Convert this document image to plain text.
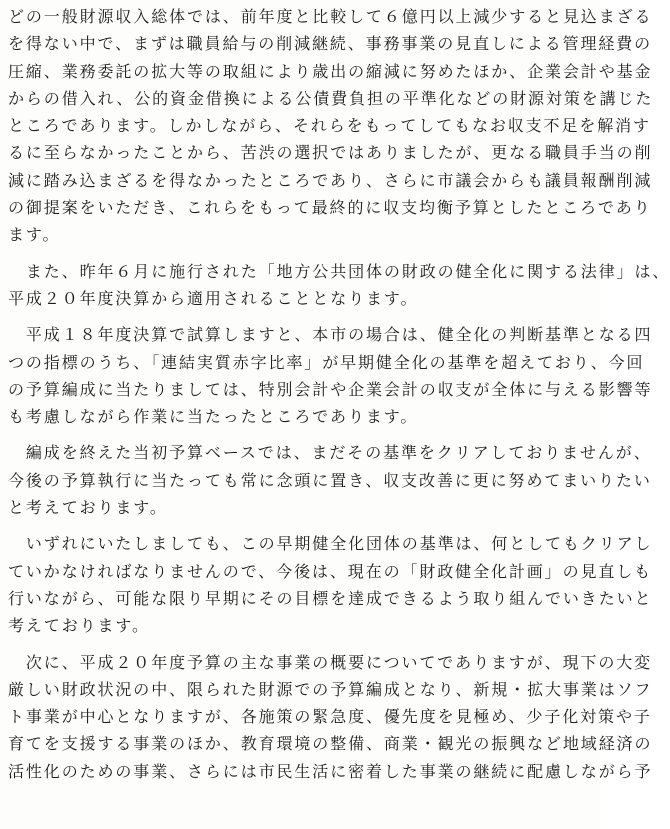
どの一般財源収入総体では、前年度と比較して６億円以上減少すると見込まざる
を得ない中で、まずは職員給与の削減継続、事務事業の見直しによる管理経費の
圧縮、業務委託の拡大等の取組により歳出の縮減に努めたほか、企業会計や基金
からの借入れ、公的資金借換による公債費負担の平準化などの財源対策を講じた
ところであります。しかしながら、それらをもってしてもなお収支不足を解消す
るに至らなかったことから、苦渋の選択ではありましたが、更なる職員手当の削
減に踏み込まざるを得なかったところであり、さらに市議会からも議員報酬削減
の御提案をいただき、これらをもって最終的に収支均衡予算としたところであり
ます。
　また、昨年６月に施行された「地方公共団体の財政の健全化に関する法律」は、
平成２０年度決算から適用されることとなります。
　平成１８年度決算で試算しますと、本市の場合は、健全化の判断基準となる四
つの指標のうち、「連結実質赤字比率」が早期健全化の基準を超えており、今回
の予算編成に当たりましては、特別会計や企業会計の収支が全体に与える影響等
も考慮しながら作業に当たったところであります。
　編成を終えた当初予算ベースでは、まだその基準をクリアしておりませんが、
今後の予算執行に当たっても常に念頭に置き、収支改善に更に努めてまいりたい
と考えております。
　いずれにいたしましても、この早期健全化団体の基準は、何としてもクリアし
ていかなければなりませんので、今後は、現在の「財政健全化計画」の見直しも
行いながら、可能な限り早期にその目標を達成できるよう取り組んでいきたいと
考えております。
　次に、平成２０年度予算の主な事業の概要についてでありますが、現下の大変
厳しい財政状況の中、限られた財源での予算編成となり、新規・拡大事業はソフ
ト事業が中心となりますが、各施策の緊急度、優先度を見極め、少子化対策や子
育てを支援する事業のほか、教育環境の整備、商業・観光の振興など地域経済の
活性化のための事業、さらには市民生活に密着した事業の継続に配慮しながら予
